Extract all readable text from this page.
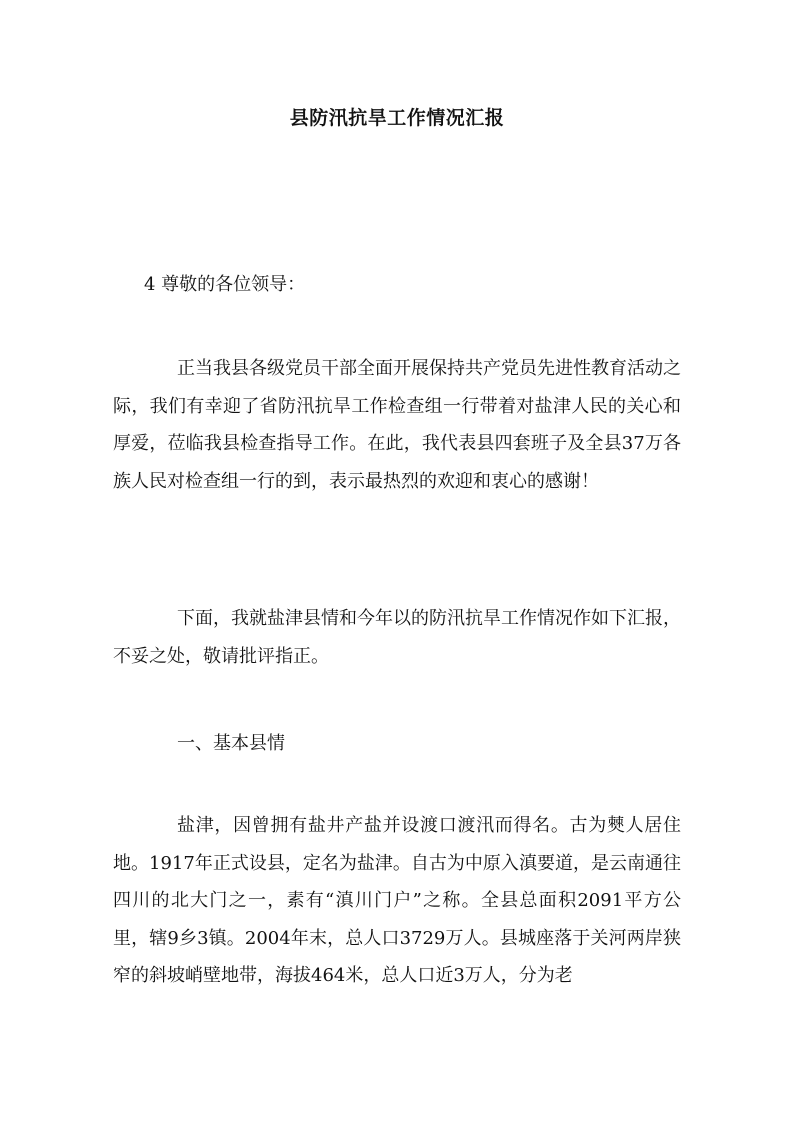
县防汛抗旱工作情况汇报
4 尊敬的各位领导：
正当我县各级党员干部全面开展保持共产党员先进性教育活动之际，我们有幸迎了省防汛抗旱工作检查组一行带着对盐津人民的关心和厚爱，莅临我县检查指导工作。在此，我代表县四套班子及全县37万各族人民对检查组一行的到，表示最热烈的欢迎和衷心的感谢！
下面，我就盐津县情和今年以的防汛抗旱工作情况作如下汇报，不妥之处，敬请批评指正。
一、基本县情
盐津，因曾拥有盐井产盐并设渡口渡汛而得名。古为僰人居住地。1917年正式设县，定名为盐津。自古为中原入滇要道，是云南通往四川的北大门之一，素有“滇川门户”之称。全县总面积2091平方公里，辖9乡3镇。2004年末，总人口3729万人。县城座落于关河两岸狭窄的斜坡峭壁地带，海拔464米，总人口近3万人，分为老
